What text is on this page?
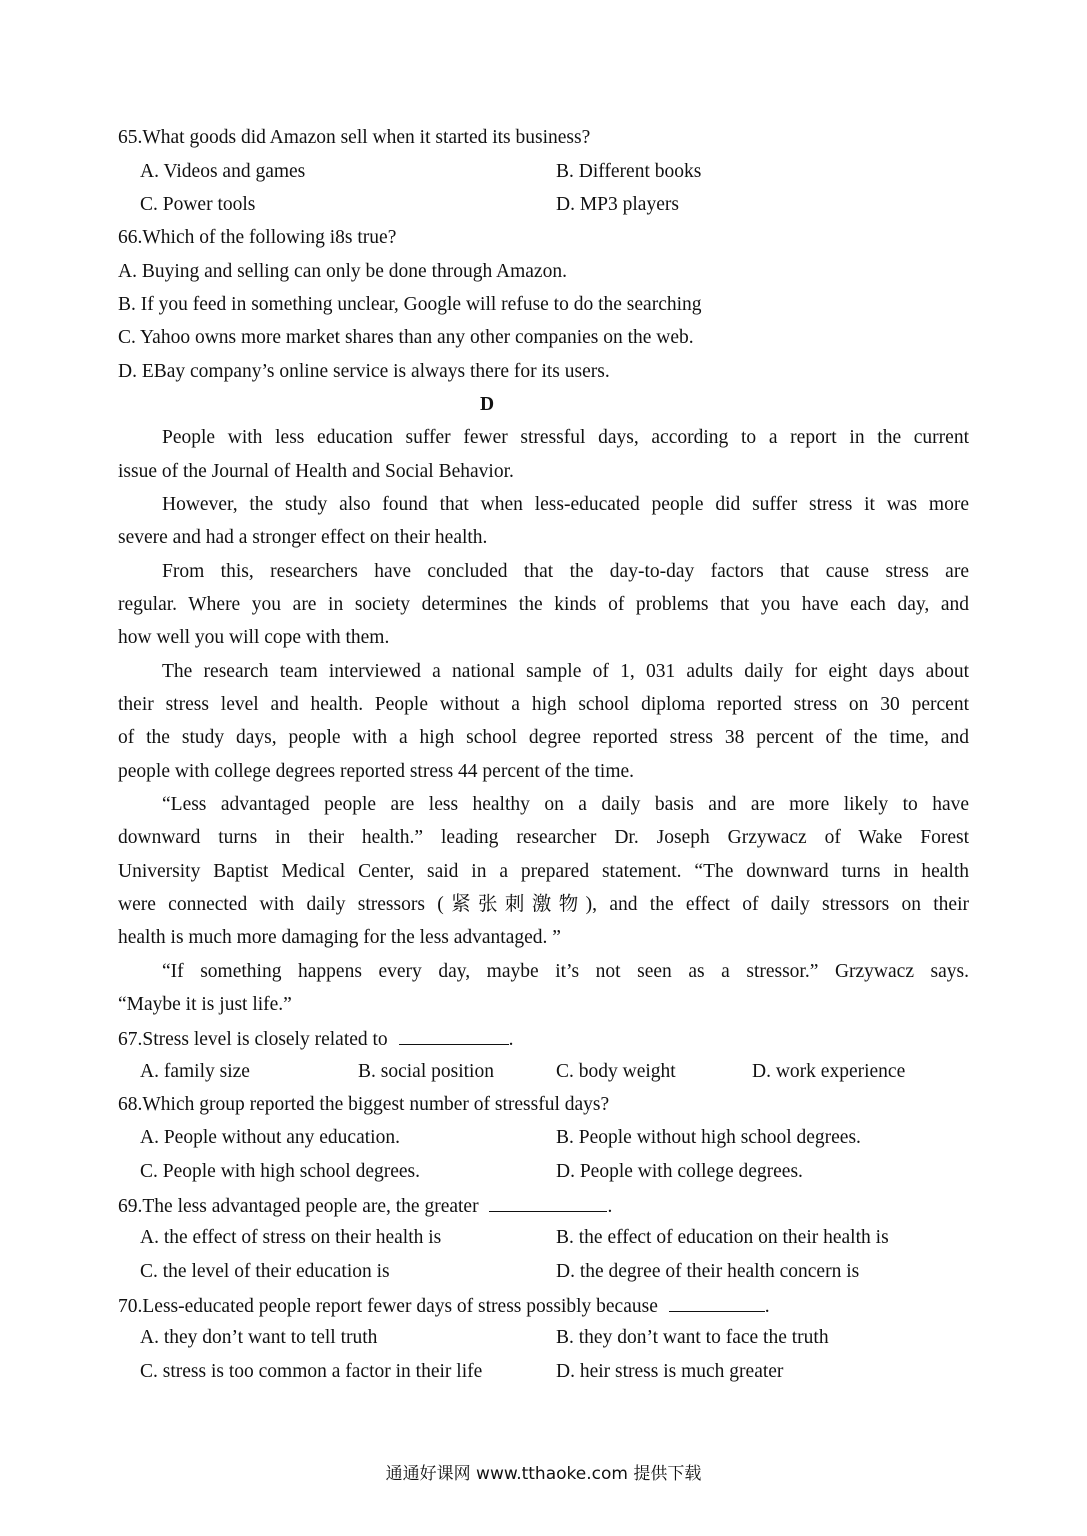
65.What goods did Amazon sell when it started its business?
A. Videos and games	B. Different books
C. Power tools	D. MP3 players
66.Which of the following i8s true?
A. Buying and selling can only be done through Amazon.
B. If you feed in something unclear, Google will refuse to do the searching
C. Yahoo owns more market shares than any other companies on the web.
D. EBay company’s online service is always there for its users.
D
People with less education suffer fewer stressful days, according to a report in the current
issue of the Journal of Health and Social Behavior.
However, the study also found that when less-educated people did suffer stress it was more
severe and had a stronger effect on their health.
From this, researchers have concluded that the day-to-day factors that cause stress are
regular. Where you are in society determines the kinds of problems that you have each day, and
how well you will cope with them.
The research team interviewed a national sample of 1, 031 adults daily for eight days about
their stress level and health. People without a high school diploma reported stress on 30 percent
of the study days, people with a high school degree reported stress 38 percent of the time, and
people with college degrees reported stress 44 percent of the time.
“Less advantaged people are less healthy on a daily basis and are more likely to have
downward turns in their health.” leading researcher Dr. Joseph Grzywacz of Wake Forest
University Baptist Medical Center, said in a prepared statement. “The downward turns in health
were connected with daily stressors (紧张刺激物), and the effect of daily stressors on their
health is much more damaging for the less advantaged. ”
“If something happens every day, maybe it’s not seen as a stressor.” Grzywacz says.
“Maybe it is just life.”
67.Stress level is closely related to	.
A. family size	B. social position	C. body weight	D. work experience
68.Which group reported the biggest number of stressful days?
A. People without any education.	B. People without high school degrees.
C. People with high school degrees.	D. People with college degrees.
69.The less advantaged people are, the greater	.
A. the effect of stress on their health is	B. the effect of education on their health is
C. the level of their education is	D. the degree of their health concern is
70.Less-educated people report fewer days of stress possibly because	.
A. they don’t want to tell truth	B. they don’t want to face the truth
C. stress is too common a factor in their life	D. heir stress is much greater
通通好课网 www.tthaoke.com 提供下载
